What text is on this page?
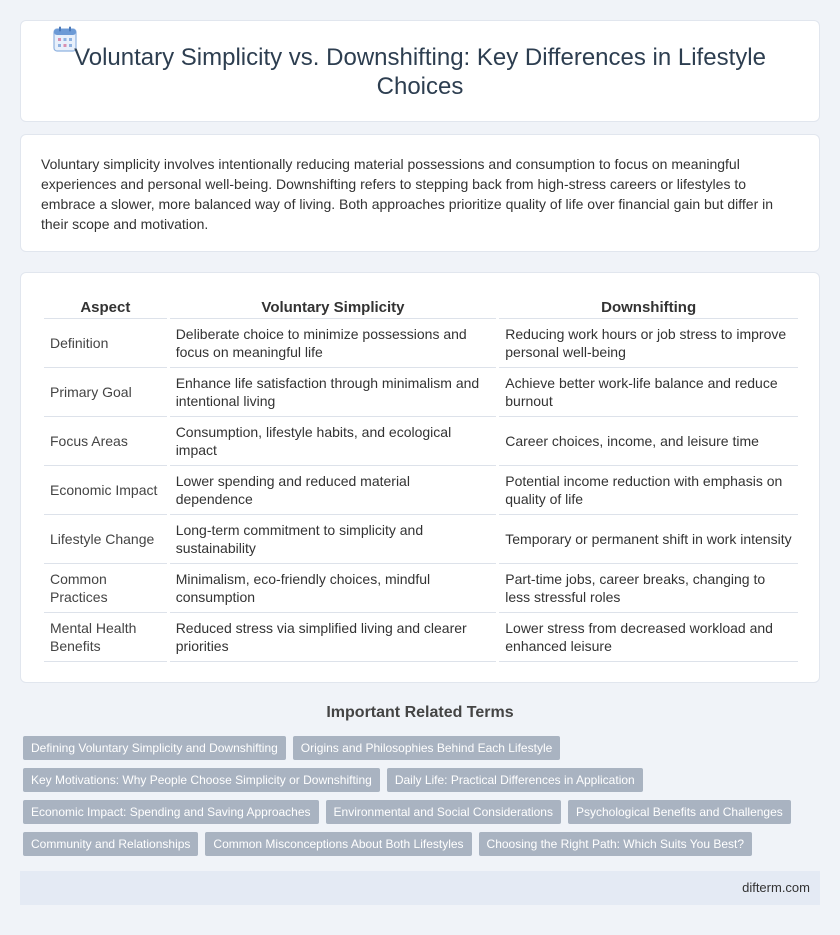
Voluntary Simplicity vs. Downshifting: Key Differences in Lifestyle Choices

Voluntary simplicity involves intentionally reducing material possessions and consumption to focus on meaningful experiences and personal well-being. Downshifting refers to stepping back from high-stress careers or lifestyles to embrace a slower, more balanced way of living. Both approaches prioritize quality of life over financial gain but differ in their scope and motivation.

Aspect	Voluntary Simplicity	Downshifting
Definition	Deliberate choice to minimize possessions and focus on meaningful life	Reducing work hours or job stress to improve personal well-being
Primary Goal	Enhance life satisfaction through minimalism and intentional living	Achieve better work-life balance and reduce burnout
Focus Areas	Consumption, lifestyle habits, and ecological impact	Career choices, income, and leisure time
Economic Impact	Lower spending and reduced material dependence	Potential income reduction with emphasis on quality of life
Lifestyle Change	Long-term commitment to simplicity and sustainability	Temporary or permanent shift in work intensity
Common Practices	Minimalism, eco-friendly choices, mindful consumption	Part-time jobs, career breaks, changing to less stressful roles
Mental Health Benefits	Reduced stress via simplified living and clearer priorities	Lower stress from decreased workload and enhanced leisure
Important Related Terms
Defining Voluntary Simplicity and Downshifting	Origins and Philosophies Behind Each Lifestyle
Key Motivations: Why People Choose Simplicity or Downshifting	Daily Life: Practical Differences in Application
Economic Impact: Spending and Saving Approaches	Environmental and Social Considerations	Psychological Benefits and Challenges
Community and Relationships	Common Misconceptions About Both Lifestyles	Choosing the Right Path: Which Suits You Best?
difterm.com
